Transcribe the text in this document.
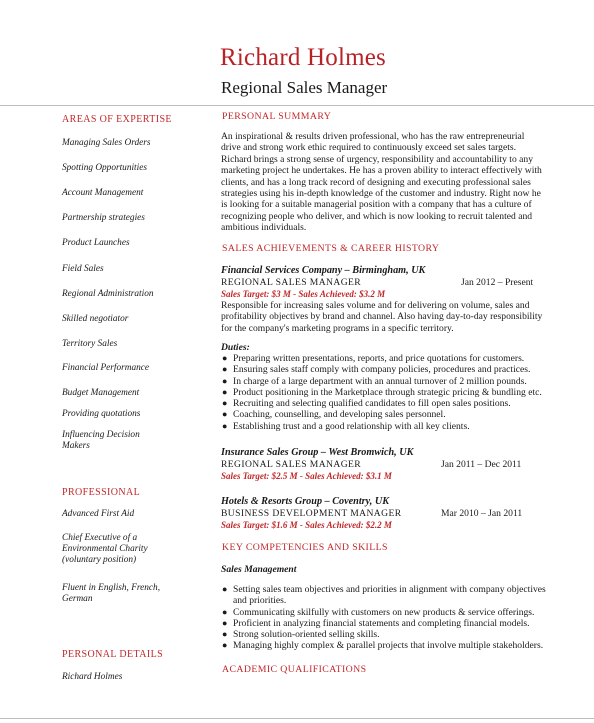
Richard Holmes
Regional Sales Manager
AREAS OF EXPERTISE
Managing Sales Orders
Spotting Opportunities
Account Management
Partnership strategies
Product Launches
Field Sales
Regional Administration
Skilled negotiator
Territory Sales
Financial Performance
Budget Management
Providing quotations
Influencing Decision Makers
PROFESSIONAL
Advanced First Aid
Chief Executive of a Environmental Charity (voluntary position)
Fluent in English, French, German
PERSONAL DETAILS
Richard Holmes
PERSONAL SUMMARY
An inspirational & results driven professional, who has the raw entrepreneurial drive and strong work ethic required to continuously exceed set sales targets. Richard brings a strong sense of urgency, responsibility and accountability to any marketing project he undertakes. He has a proven ability to interact effectively with clients, and has a long track record of designing and executing professional sales strategies using his in-depth knowledge of the customer and industry. Right now he is looking for a suitable managerial position with a company that has a culture of recognizing people who deliver, and which is now looking to recruit talented and ambitious individuals.
SALES ACHIEVEMENTS & CAREER HISTORY
Financial Services Company – Birmingham, UK
REGIONAL SALES MANAGER	Jan 2012 – Present
Sales Target: $3 M - Sales Achieved: $3.2 M
Responsible for increasing sales volume and for delivering on volume, sales and profitability objectives by brand and channel. Also having day-to-day responsibility for the company's marketing programs in a specific territory.
Duties:
● Preparing written presentations, reports, and price quotations for customers.
● Ensuring sales staff comply with company policies, procedures and practices.
● In charge of a large department with an annual turnover of 2 million pounds.
● Product positioning in the Marketplace through strategic pricing & bundling etc.
● Recruiting and selecting qualified candidates to fill open sales positions.
● Coaching, counselling, and developing sales personnel.
● Establishing trust and a good relationship with all key clients.
Insurance Sales Group – West Bromwich, UK
REGIONAL SALES MANAGER	Jan 2011 – Dec 2011
Sales Target: $2.5 M - Sales Achieved: $3.1 M
Hotels & Resorts Group – Coventry, UK
BUSINESS DEVELOPMENT MANAGER	Mar 2010 – Jan 2011
Sales Target: $1.6 M - Sales Achieved: $2.2 M
KEY COMPETENCIES AND SKILLS
Sales Management
● Setting sales team objectives and priorities in alignment with company objectives and priorities.
● Communicating skilfully with customers on new products & service offerings.
● Proficient in analyzing financial statements and completing financial models.
● Strong solution-oriented selling skills.
● Managing highly complex & parallel projects that involve multiple stakeholders.
ACADEMIC QUALIFICATIONS
